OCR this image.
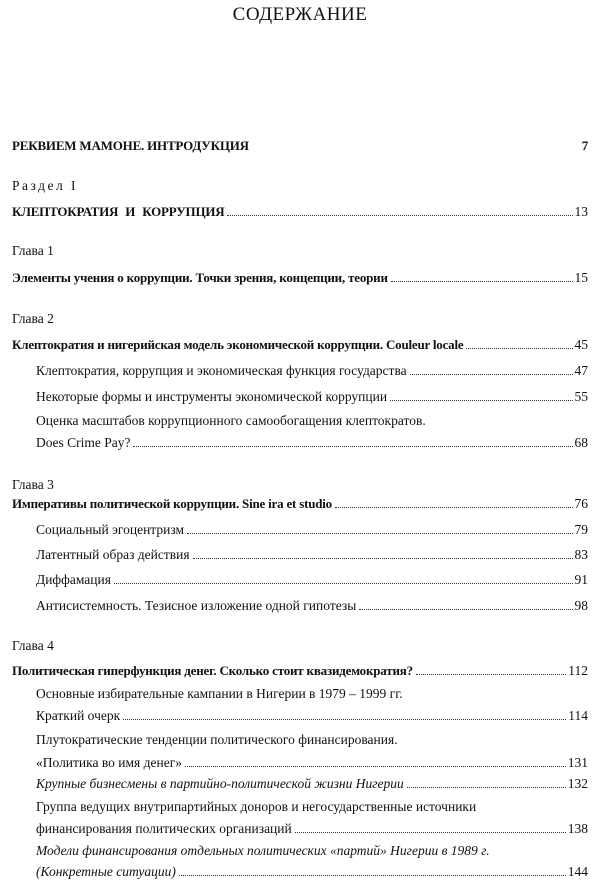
СОДЕРЖАНИЕ
РЕКВИЕМ МАМОНЕ. ИНТРОДУКЦИЯ	7
Раздел I
КЛЕПТОКРАТИЯ И КОРРУПЦИЯ	13
Глава 1
Элементы учения о коррупции. Точки зрения, концепции, теории	15
Глава 2
Клептократия и нигерийская модель экономической коррупции. Couleur locale	45
Клептократия, коррупция и экономическая функция государства	47
Некоторые формы и инструменты экономической коррупции	55
Оценка масштабов коррупционного самообогащения клептократов.
Does Crime Pay?	68
Глава 3
Императивы политической коррупции. Sine ira et studio	76
Социальный эгоцентризм	79
Латентный образ действия	83
Диффамация	91
Антисистемность. Тезисное изложение одной гипотезы	98
Глава 4
Политическая гиперфункция денег. Сколько стоит квазидемократия?	112
Основные избирательные кампании в Нигерии в 1979 – 1999 гг.
Краткий очерк	114
Плутократические тенденции политического финансирования.
«Политика во имя денег»	131
Крупные бизнесмены в партийно-политической жизни Нигерии	132
Группа ведущих внутрипартийных доноров и негосударственные источники
финансирования политических организаций	138
Модели финансирования отдельных политических «партий» Нигерии в 1989 г.
(Конкретные ситуации)	144
